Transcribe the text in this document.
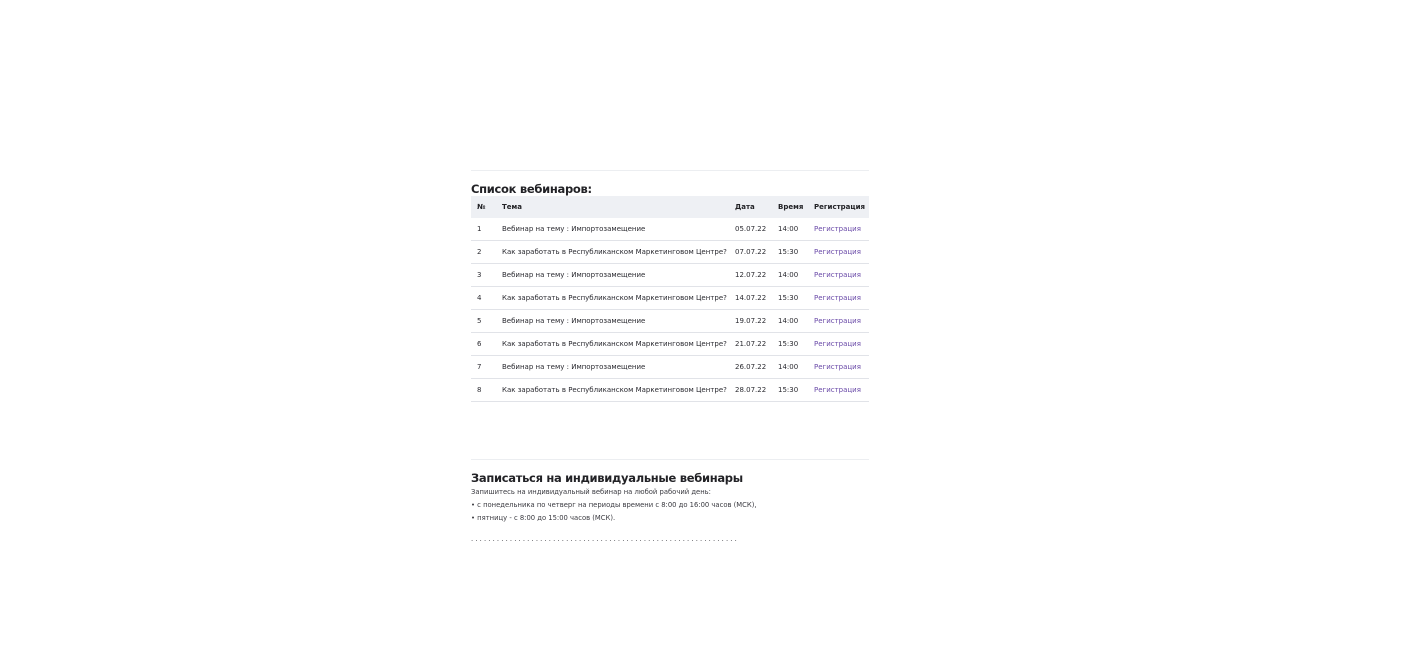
Список вебинаров:
№	Тема	Дата	Время	Регистрация
1	Вебинар на тему : Импортозамещение	05.07.22	14:00	Регистрация
2	Как заработать в Республиканском Маркетинговом Центре?	07.07.22	15:30	Регистрация
3	Вебинар на тему : Импортозамещение	12.07.22	14:00	Регистрация
4	Как заработать в Республиканском Маркетинговом Центре?	14.07.22	15:30	Регистрация
5	Вебинар на тему : Импортозамещение	19.07.22	14:00	Регистрация
6	Как заработать в Республиканском Маркетинговом Центре?	21.07.22	15:30	Регистрация
7	Вебинар на тему : Импортозамещение	26.07.22	14:00	Регистрация
8	Как заработать в Республиканском Маркетинговом Центре?	28.07.22	15:30	Регистрация
Записаться на индивидуальные вебинары

Запишитесь на индивидуальный вебинар на любой рабочий день:

• с понедельника по четверг на периоды времени с 8:00 до 16:00 часов (МСК),

• пятницу - с 8:00 до 15:00 часов (МСК).

. . . . . . . . . . . . . . . . . . . . . . . . . . . . . . . . . . . . . . . . . . . . . . . . . . . . . . . . . . . . . .
